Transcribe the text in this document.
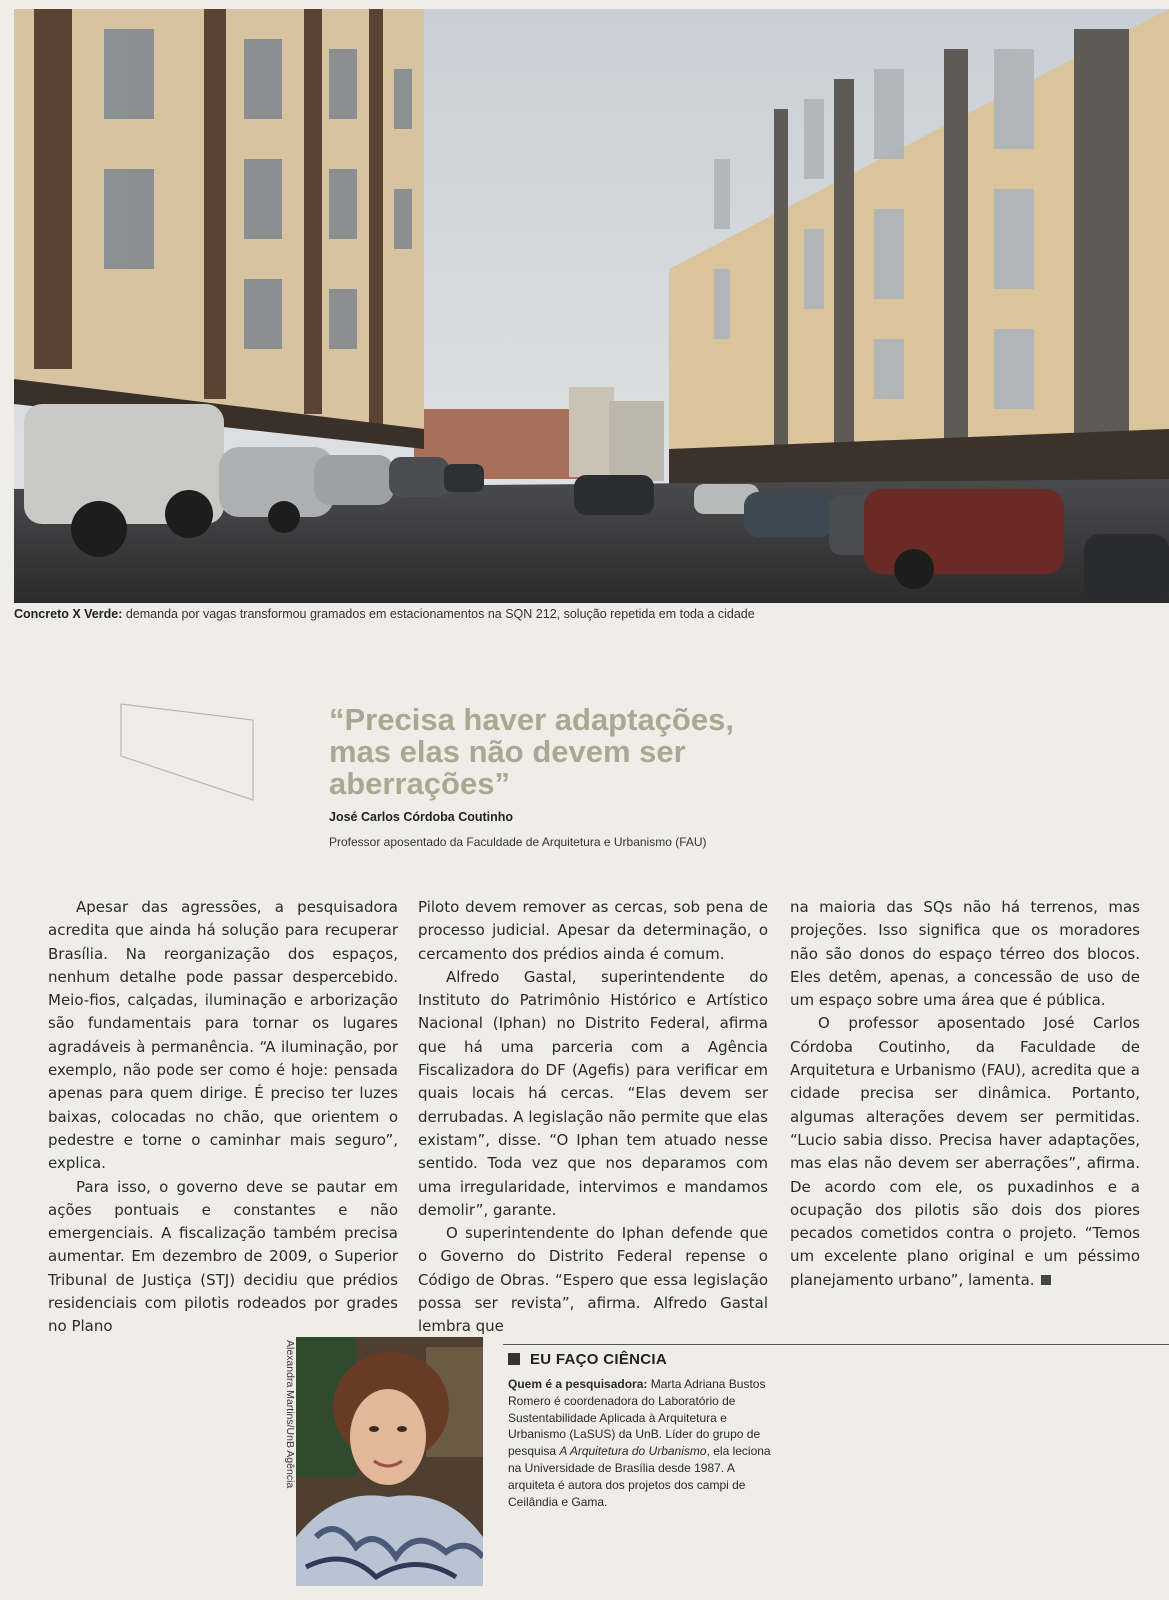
Concreto X Verde: demanda por vagas transformou gramados em estacionamentos na SQN 212, solução repetida em toda a cidade
“Precisa haver adaptações, mas elas não devem ser aberrações”
José Carlos Córdoba Coutinho
Professor aposentado da Faculdade de Arquitetura e Urbanismo (FAU)

Apesar das agressões, a pesquisadora acredita que ainda há solução para recuperar Brasília. Na reorganização dos espaços, nenhum detalhe pode passar despercebido. Meio-fios, calçadas, iluminação e arborização são fundamentais para tornar os lugares agradáveis à permanência. “A iluminação, por exemplo, não pode ser como é hoje: pensada apenas para quem dirige. É preciso ter luzes baixas, colocadas no chão, que orientem o pedestre e torne o caminhar mais seguro”, explica.

Para isso, o governo deve se pautar em ações pontuais e constantes e não emergenciais. A fiscalização também precisa aumentar. Em dezembro de 2009, o Superior Tribunal de Justiça (STJ) decidiu que prédios residenciais com pilotis rodeados por grades no Plano

Piloto devem remover as cercas, sob pena de processo judicial. Apesar da determinação, o cercamento dos prédios ainda é comum.

Alfredo Gastal, superintendente do Instituto do Patrimônio Histórico e Artístico Nacional (Iphan) no Distrito Federal, afirma que há uma parceria com a Agência Fiscalizadora do DF (Agefis) para verificar em quais locais há cercas. “Elas devem ser derrubadas. A legislação não permite que elas existam”, disse. “O Iphan tem atuado nesse sentido. Toda vez que nos deparamos com uma irregularidade, intervimos e mandamos demolir”, garante.

O superintendente do Iphan defende que o Governo do Distrito Federal repense o Código de Obras. “Espero que essa legislação possa ser revista”, afirma. Alfredo Gastal lembra que

na maioria das SQs não há terrenos, mas projeções. Isso significa que os moradores não são donos do espaço térreo dos blocos. Eles detêm, apenas, a concessão de uso de um espaço sobre uma área que é pública.

O professor aposentado José Carlos Córdoba Coutinho, da Faculdade de Arquitetura e Urbanismo (FAU), acredita que a cidade precisa ser dinâmica. Portanto, algumas alterações devem ser permitidas. “Lucio sabia disso. Precisa haver adaptações, mas elas não devem ser aberrações”, afirma. De acordo com ele, os puxadinhos e a ocupação dos pilotis são dois dos piores pecados cometidos contra o projeto. “Temos um excelente plano original e um péssimo planejamento urbano”, lamenta.

Alexandra Martins/UnB Agência	EU FAÇO CIÊNCIA
Quem é a pesquisadora: Marta Adriana Bustos Romero é coordenadora do Laboratório de Sustentabilidade Aplicada à Arquitetura e Urbanismo (LaSUS) da UnB. Líder do grupo de pesquisa A Arquitetura do Urbanismo, ela leciona na Universidade de Brasília desde 1987. A arquiteta é autora dos projetos dos campi de Ceilândia e Gama.
